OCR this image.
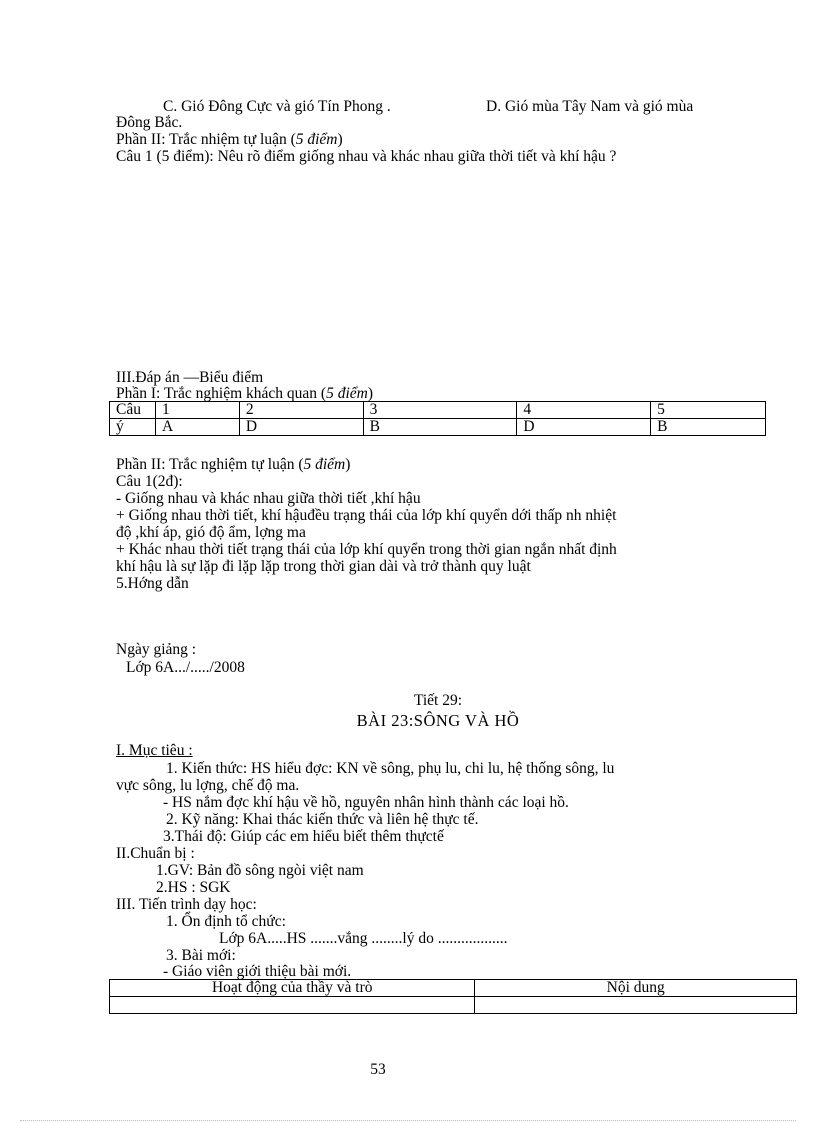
C. Gió Đông Cực và gió Tín Phong .	D. Gió mùa Tây Nam và gió mùa
Đông Bắc.
Phần II: Trắc nhiệm tự luận (5 điểm)
Câu 1 (5 điểm): Nêu rõ điểm giống nhau và khác nhau giữa thời tiết và khí hậu ?
III.Đáp án —Biểu điểm
Phần I: Trắc nghiệm khách quan (5 điểm)
Câu	1	2	3	4	5
ý	A	D	B	D	B
Phần II: Trắc nghiệm tự luận (5 điểm)
Câu 1(2đ):
- Giống nhau và khác nhau giữa thời tiết ,khí hậu
+ Giống nhau thời tiết, khí hậuđều trạng thái của lớp khí quyển dới thấp nh nhiệt
độ ,khí áp, gió độ ẩm, lợng ma
+ Khác nhau thời tiết trạng thái của lớp khí quyển trong thời gian ngắn nhất định
khí hậu là sự lặp đi lặp lặp trong thời gian dài và trở thành quy luật
5.Hớng dẫn
Ngày giảng :
Lớp 6A.../...../2008
Tiết 29:
BÀI 23:SÔNG VÀ HỒ
I. Mục tiêu :
1. Kiến thức: HS hiểu đợc: KN về sông, phụ lu, chi lu, hệ thống sông, lu
vực sông, lu lợng, chế độ ma.
- HS nắm đợc khí hậu về hồ, nguyên nhân hình thành các loại hồ.
2. Kỹ năng: Khai thác kiến thức và liên hệ thực tế.
3.Thái độ: Giúp các em hiểu biết thêm thựctế
II.Chuẩn bị :
1.GV: Bản đồ sông ngòi việt nam
2.HS : SGK
III. Tiến trình dạy học:
1. Ổn định tổ chức:
Lớp 6A.....HS .......vắng ........lý do ..................
3. Bài mới:
- Giáo viên giới thiệu bài mới.
Hoạt động của thầy và trò	Nội dung

53
